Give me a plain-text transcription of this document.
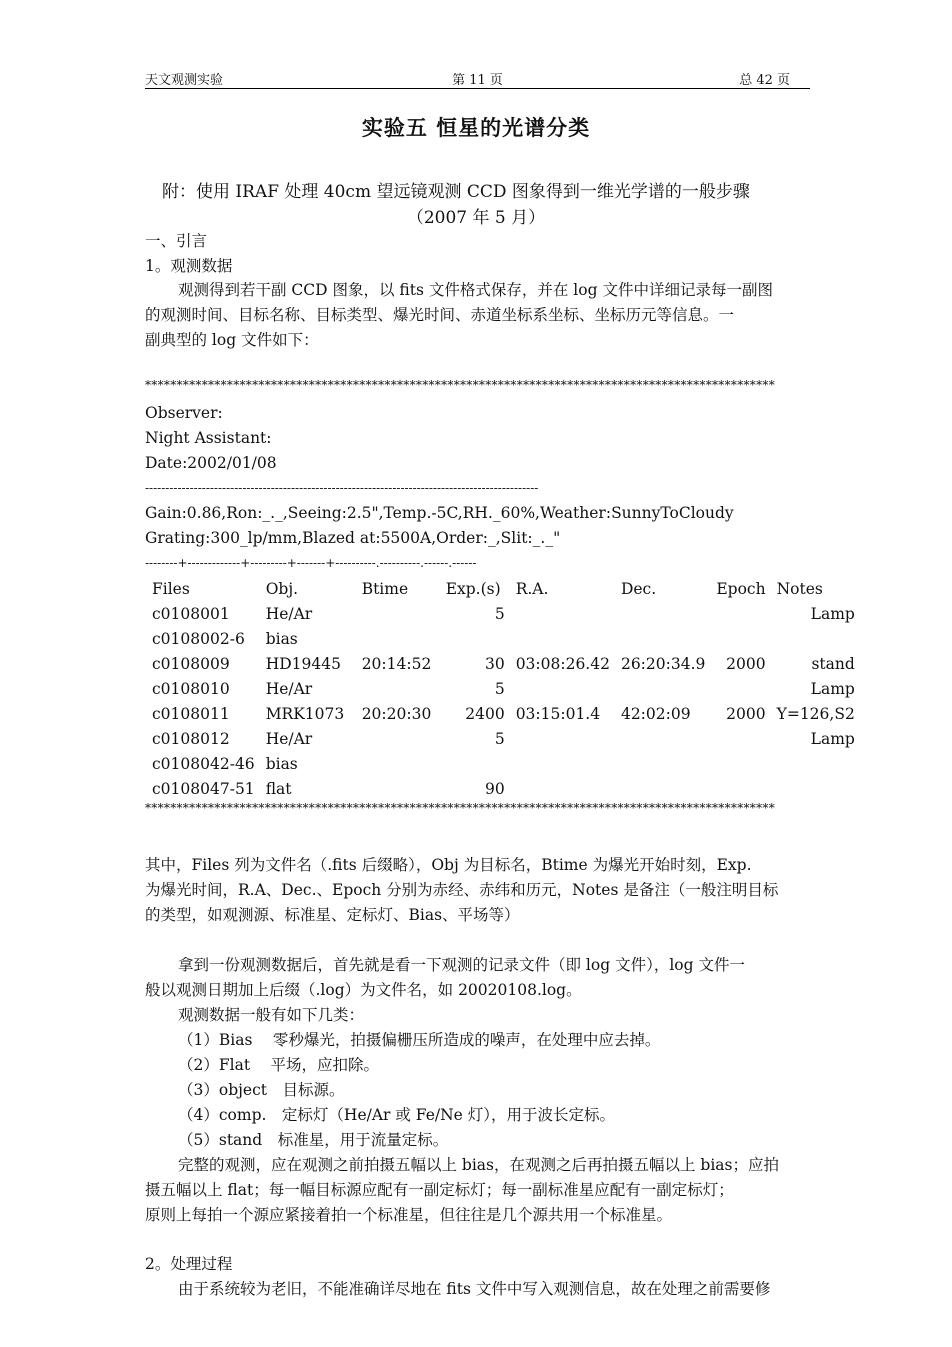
天文观测实验	第 11 页	总 42 页
实验五 恒星的光谱分类
附：使用 IRAF 处理 40cm 望远镜观测 CCD 图象得到一维光学谱的一般步骤
（2007 年 5 月）
一、引言
1。观测数据
观测得到若干副 CCD 图象，以 fits 文件格式保存，并在 log 文件中详细记录每一副图
的观测时间、目标名称、目标类型、爆光时间、赤道坐标系坐标、坐标历元等信息。一
副典型的 log 文件如下：
****************************************************************************************************
Observer:
Night Assistant:
Date:2002/01/08
-------------------------------------------------------------------------------------------------
Gain:0.86,Ron:_._,Seeing:2.5",Temp.-5C,RH._60%,Weather:SunnyToCloudy
Grating:300_lp/mm,Blazed at:5500A,Order:_,Slit:_._"
--------+-------------+---------+-------+----------.----------.------.------
Files	Obj.	Btime	Exp.(s)	R.A.	Dec.	Epoch	Notes
c0108001	He/Ar		5				Lamp
c0108002-6	bias						
c0108009	HD19445	20:14:52	30	03:08:26.42	26:20:34.9	2000	stand
c0108010	He/Ar		5				Lamp
c0108011	MRK1073	20:20:30	2400	03:15:01.4	42:02:09	2000	Y=126,S2
c0108012	He/Ar		5				Lamp
c0108042-46	bias						
c0108047-51	flat		90				
****************************************************************************************************
其中，Files 列为文件名（.fits 后缀略），Obj 为目标名，Btime 为爆光开始时刻，Exp.
为爆光时间，R.A、Dec.、Epoch 分别为赤经、赤纬和历元，Notes 是备注（一般注明目标
的类型，如观测源、标准星、定标灯、Bias、平场等）
拿到一份观测数据后，首先就是看一下观测的记录文件（即 log 文件），log 文件一
般以观测日期加上后缀（.log）为文件名，如 20020108.log。
观测数据一般有如下几类：
（1）Bias　 零秒爆光，拍摄偏栅压所造成的噪声，在处理中应去掉。
（2）Flat　 平场，应扣除。
（3）object　目标源。
（4）comp.　定标灯（He/Ar 或 Fe/Ne 灯），用于波长定标。
（5）stand　标准星，用于流量定标。
完整的观测，应在观测之前拍摄五幅以上 bias，在观测之后再拍摄五幅以上 bias；应拍
摄五幅以上 flat；每一幅目标源应配有一副定标灯；每一副标准星应配有一副定标灯；
原则上每拍一个源应紧接着拍一个标准星，但往往是几个源共用一个标准星。
2。处理过程
由于系统较为老旧，不能准确详尽地在 fits 文件中写入观测信息，故在处理之前需要修
